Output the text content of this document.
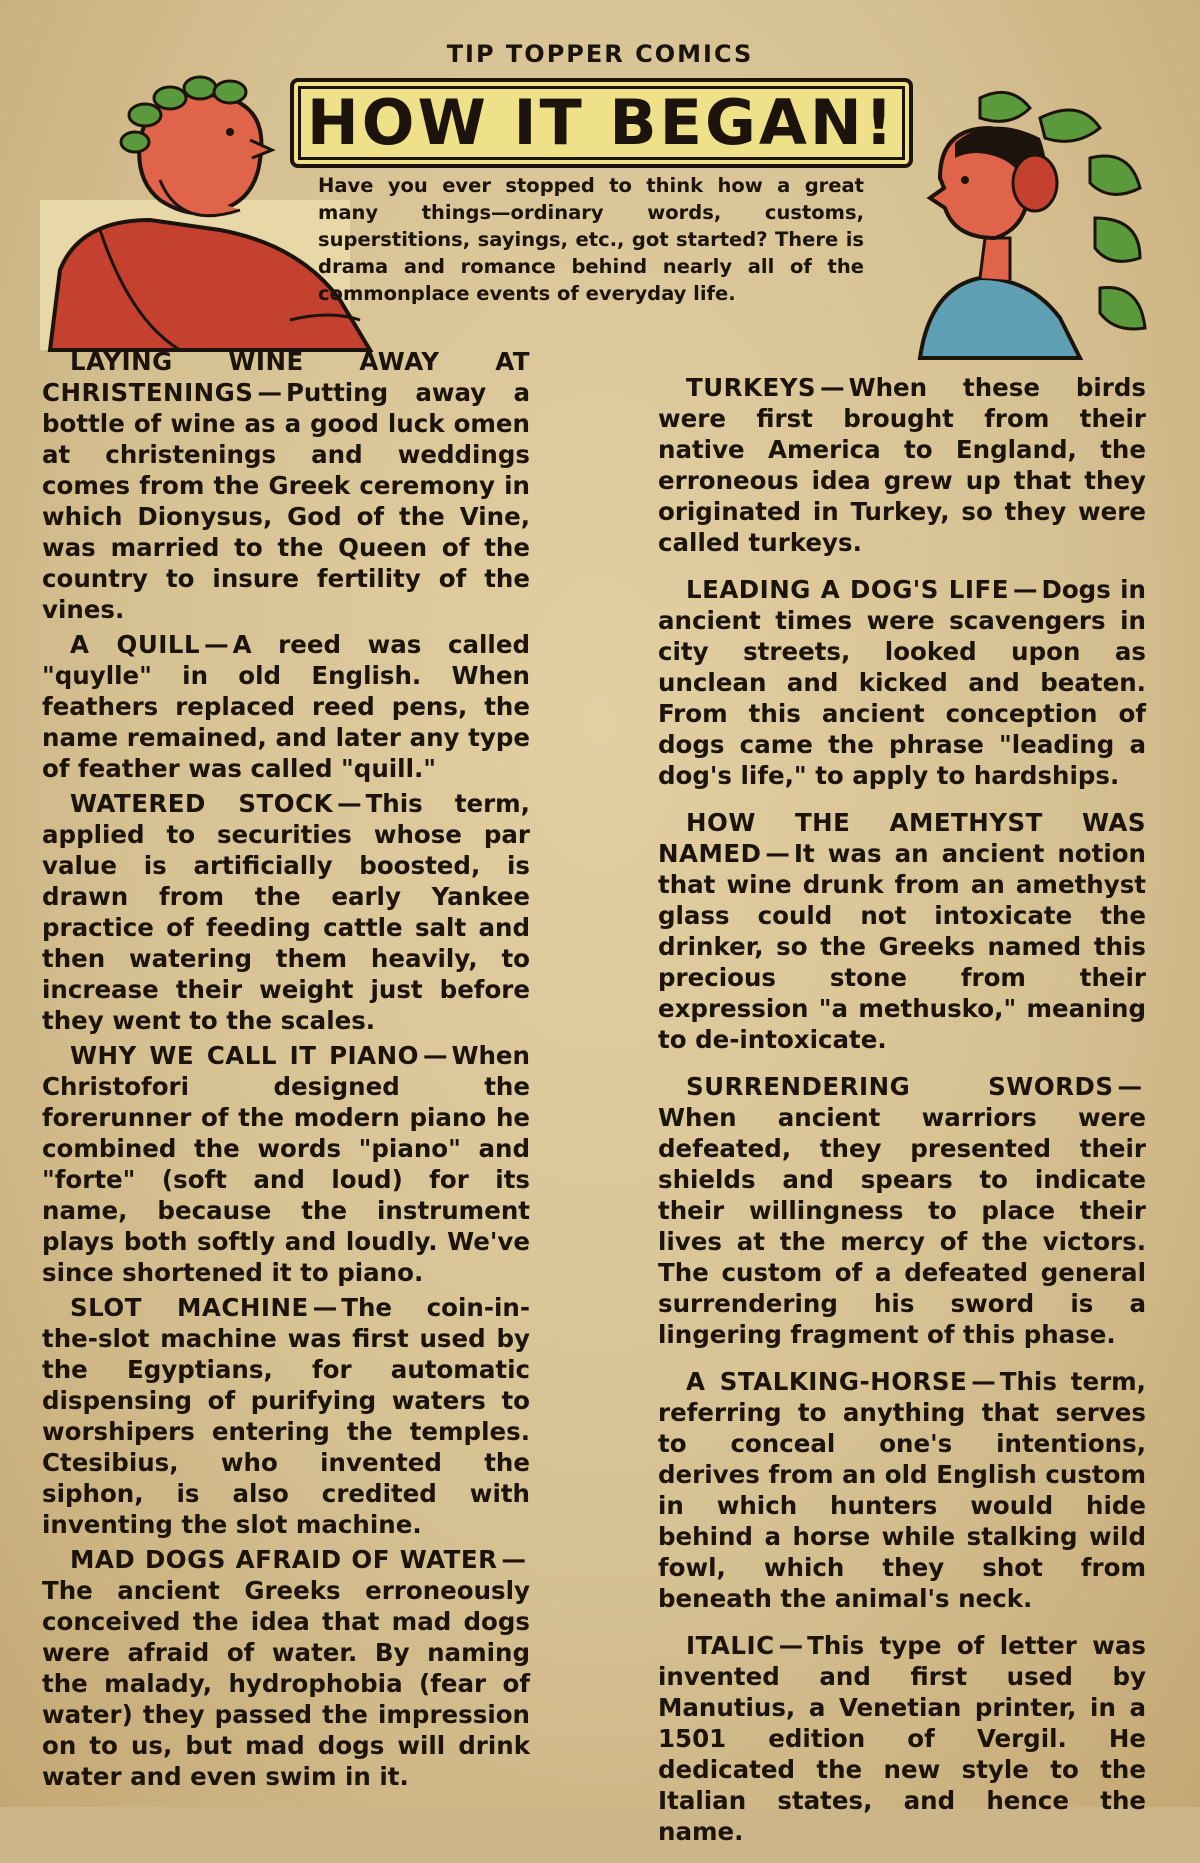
TIP TOPPER COMICS
HOW IT BEGAN!
Have you ever stopped to think how a great many things—ordinary words, customs, superstitions, sayings, etc., got started? There is drama and romance behind nearly all of the commonplace events of everyday life.

LAYING WINE AWAY AT CHRISTENINGS — Putting away a bottle of wine as a good luck omen at christenings and weddings comes from the Greek ceremony in which Dionysus, God of the Vine, was married to the Queen of the country to insure fertility of the vines.

A QUILL — A reed was called "quylle" in old English. When feathers replaced reed pens, the name remained, and later any type of feather was called "quill."

WATERED STOCK — This term, applied to securities whose par value is artificially boosted, is drawn from the early Yankee practice of feeding cattle salt and then watering them heavily, to increase their weight just before they went to the scales.

WHY WE CALL IT PIANO — When Christofori designed the forerunner of the modern piano he combined the words "piano" and "forte" (soft and loud) for its name, because the instrument plays both softly and loudly. We've since shortened it to piano.

SLOT MACHINE — The coin-in-the-slot machine was first used by the Egyptians, for automatic dispensing of purifying waters to worshipers entering the temples. Ctesibius, who invented the siphon, is also credited with inventing the slot machine.

MAD DOGS AFRAID OF WATER —The ancient Greeks erroneously conceived the idea that mad dogs were afraid of water. By naming the malady, hydrophobia (fear of water) they passed the impression on to us, but mad dogs will drink water and even swim in it.

TURKEYS — When these birds were first brought from their native America to England, the erroneous idea grew up that they originated in Turkey, so they were called turkeys.

LEADING A DOG'S LIFE — Dogs in ancient times were scavengers in city streets, looked upon as unclean and kicked and beaten. From this ancient conception of dogs came the phrase "leading a dog's life," to apply to hardships.

HOW THE AMETHYST WAS NAMED — It was an ancient notion that wine drunk from an amethyst glass could not intoxicate the drinker, so the Greeks named this precious stone from their expression "a methusko," meaning to de-intoxicate.

SURRENDERING SWORDS —When ancient warriors were defeated, they presented their shields and spears to indicate their willingness to place their lives at the mercy of the victors. The custom of a defeated general surrendering his sword is a lingering fragment of this phase.

A STALKING-HORSE — This term, referring to anything that serves to conceal one's intentions, derives from an old English custom in which hunters would hide behind a horse while stalking wild fowl, which they shot from beneath the animal's neck.

ITALIC — This type of letter was invented and first used by Manutius, a Venetian printer, in a 1501 edition of Vergil. He dedicated the new style to the Italian states, and hence the name.
